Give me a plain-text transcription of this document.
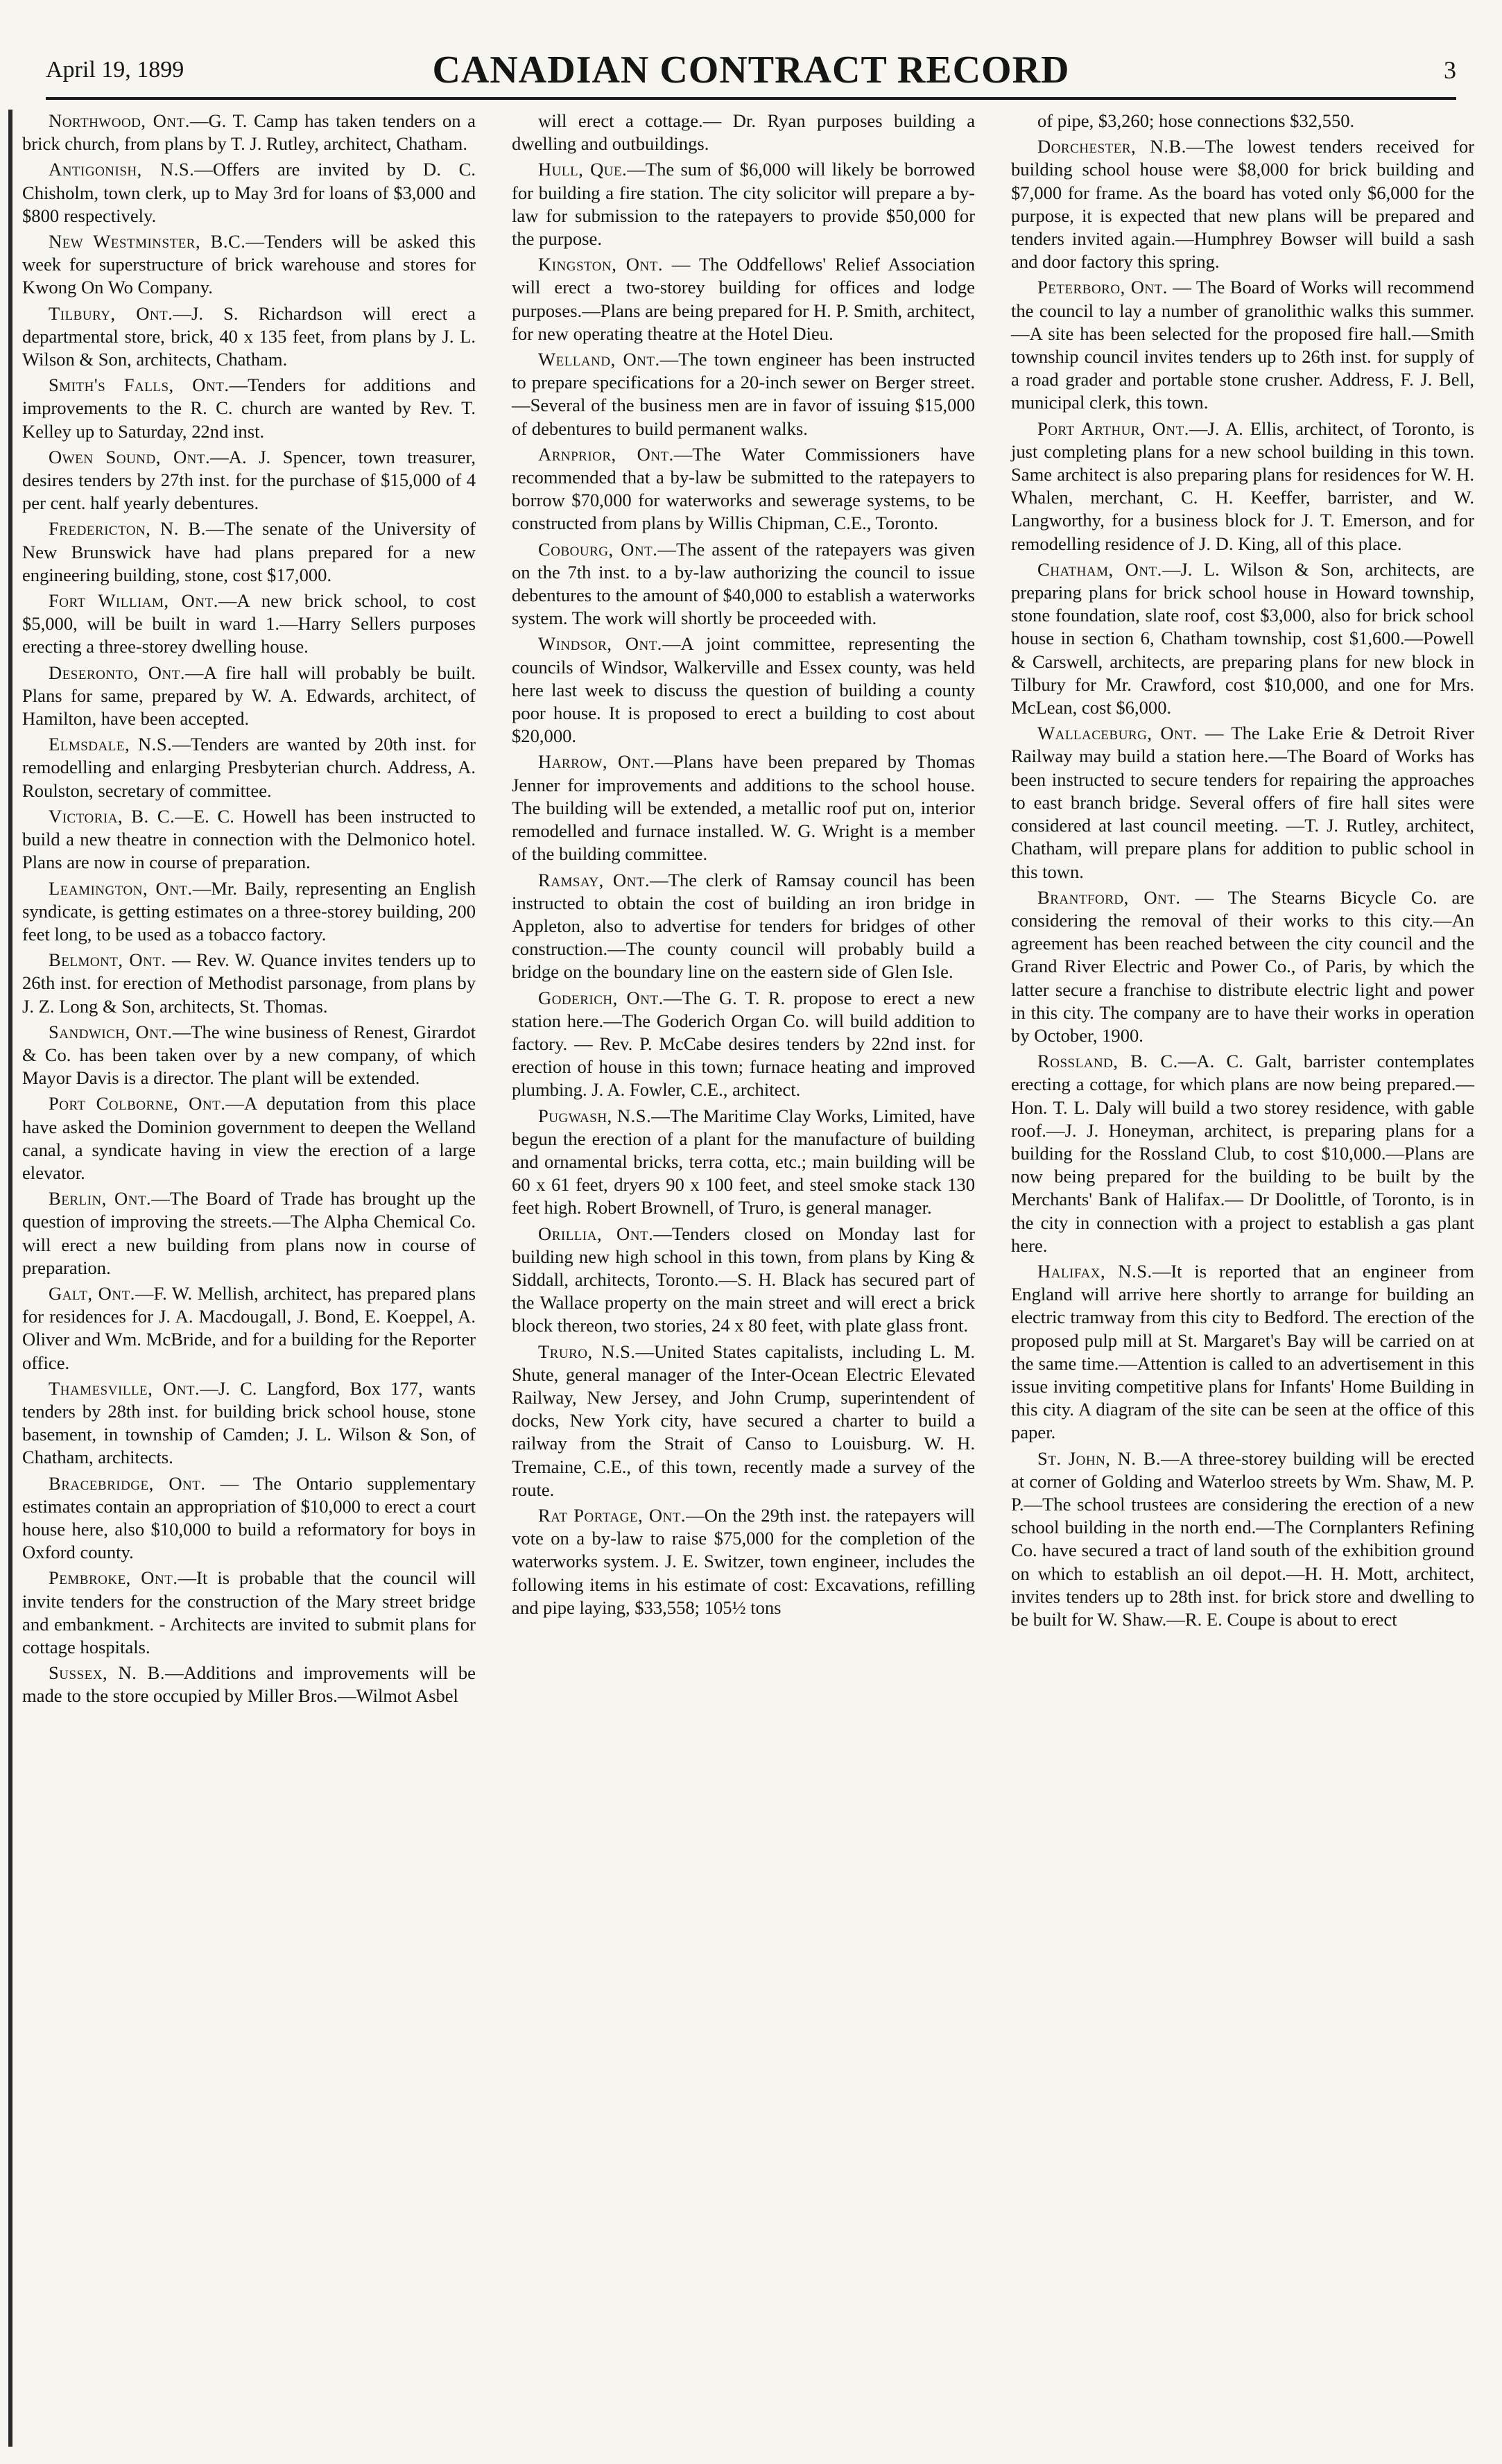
April 19, 1899	CANADIAN CONTRACT RECORD	3

Northwood, Ont.—G. T. Camp has taken tenders on a brick church, from plans by T. J. Rutley, architect, Chatham.

Antigonish, N.S.—Offers are invited by D. C. Chisholm, town clerk, up to May 3rd for loans of $3,000 and $800 respectively.

New Westminster, B.C.—Tenders will be asked this week for superstructure of brick warehouse and stores for Kwong On Wo Company.

Tilbury, Ont.—J. S. Richardson will erect a departmental store, brick, 40 x 135 feet, from plans by J. L. Wilson & Son, architects, Chatham.

Smith's Falls, Ont.—Tenders for additions and improvements to the R. C. church are wanted by Rev. T. Kelley up to Saturday, 22nd inst.

Owen Sound, Ont.—A. J. Spencer, town treasurer, desires tenders by 27th inst. for the purchase of $15,000 of 4 per cent. half yearly debentures.

Fredericton, N. B.—The senate of the University of New Brunswick have had plans prepared for a new engineering building, stone, cost $17,000.

Fort William, Ont.—A new brick school, to cost $5,000, will be built in ward 1.—Harry Sellers purposes erecting a three-storey dwelling house.

Deseronto, Ont.—A fire hall will probably be built. Plans for same, prepared by W. A. Edwards, architect, of Hamilton, have been accepted.

Elmsdale, N.S.—Tenders are wanted by 20th inst. for remodelling and enlarging Presbyterian church. Address, A. Roulston, secretary of committee.

Victoria, B. C.—E. C. Howell has been instructed to build a new theatre in connection with the Delmonico hotel. Plans are now in course of preparation.

Leamington, Ont.—Mr. Baily, representing an English syndicate, is getting estimates on a three-storey building, 200 feet long, to be used as a tobacco factory.

Belmont, Ont. — Rev. W. Quance invites tenders up to 26th inst. for erection of Methodist parsonage, from plans by J. Z. Long & Son, architects, St. Thomas.

Sandwich, Ont.—The wine business of Renest, Girardot & Co. has been taken over by a new company, of which Mayor Davis is a director. The plant will be extended.

Port Colborne, Ont.—A deputation from this place have asked the Dominion government to deepen the Welland canal, a syndicate having in view the erection of a large elevator.

Berlin, Ont.—The Board of Trade has brought up the question of improving the streets.—The Alpha Chemical Co. will erect a new building from plans now in course of preparation.

Galt, Ont.—F. W. Mellish, architect, has prepared plans for residences for J. A. Macdougall, J. Bond, E. Koeppel, A. Oliver and Wm. McBride, and for a building for the Reporter office.

Thamesville, Ont.—J. C. Langford, Box 177, wants tenders by 28th inst. for building brick school house, stone basement, in township of Camden; J. L. Wilson & Son, of Chatham, architects.

Bracebridge, Ont. — The Ontario supplementary estimates contain an appropriation of $10,000 to erect a court house here, also $10,000 to build a reformatory for boys in Oxford county.

Pembroke, Ont.—It is probable that the council will invite tenders for the construction of the Mary street bridge and embankment. - Architects are invited to submit plans for cottage hospitals.

Sussex, N. B.—Additions and improvements will be made to the store occupied by Miller Bros.—Wilmot Asbel

will erect a cottage.— Dr. Ryan purposes building a dwelling and outbuildings.

Hull, Que.—The sum of $6,000 will likely be borrowed for building a fire station. The city solicitor will prepare a by-law for submission to the ratepayers to provide $50,000 for the purpose.

Kingston, Ont. — The Oddfellows' Relief Association will erect a two-storey building for offices and lodge purposes.—Plans are being prepared for H. P. Smith, architect, for new operating theatre at the Hotel Dieu.

Welland, Ont.—The town engineer has been instructed to prepare specifications for a 20-inch sewer on Berger street.—Several of the business men are in favor of issuing $15,000 of debentures to build permanent walks.

Arnprior, Ont.—The Water Commissioners have recommended that a by-law be submitted to the ratepayers to borrow $70,000 for waterworks and sewerage systems, to be constructed from plans by Willis Chipman, C.E., Toronto.

Cobourg, Ont.—The assent of the ratepayers was given on the 7th inst. to a by-law authorizing the council to issue debentures to the amount of $40,000 to establish a waterworks system. The work will shortly be proceeded with.

Windsor, Ont.—A joint committee, representing the councils of Windsor, Walkerville and Essex county, was held here last week to discuss the question of building a county poor house. It is proposed to erect a building to cost about $20,000.

Harrow, Ont.—Plans have been prepared by Thomas Jenner for improvements and additions to the school house. The building will be extended, a metallic roof put on, interior remodelled and furnace installed. W. G. Wright is a member of the building committee.

Ramsay, Ont.—The clerk of Ramsay council has been instructed to obtain the cost of building an iron bridge in Appleton, also to advertise for tenders for bridges of other construction.—The county council will probably build a bridge on the boundary line on the eastern side of Glen Isle.

Goderich, Ont.—The G. T. R. propose to erect a new station here.—The Goderich Organ Co. will build addition to factory. — Rev. P. McCabe desires tenders by 22nd inst. for erection of house in this town; furnace heating and improved plumbing. J. A. Fowler, C.E., architect.

Pugwash, N.S.—The Maritime Clay Works, Limited, have begun the erection of a plant for the manufacture of building and ornamental bricks, terra cotta, etc.; main building will be 60 x 61 feet, dryers 90 x 100 feet, and steel smoke stack 130 feet high. Robert Brownell, of Truro, is general manager.

Orillia, Ont.—Tenders closed on Monday last for building new high school in this town, from plans by King & Siddall, architects, Toronto.—S. H. Black has secured part of the Wallace property on the main street and will erect a brick block thereon, two stories, 24 x 80 feet, with plate glass front.

Truro, N.S.—United States capitalists, including L. M. Shute, general manager of the Inter-Ocean Electric Elevated Railway, New Jersey, and John Crump, superintendent of docks, New York city, have secured a charter to build a railway from the Strait of Canso to Louisburg. W. H. Tremaine, C.E., of this town, recently made a survey of the route.

Rat Portage, Ont.—On the 29th inst. the ratepayers will vote on a by-law to raise $75,000 for the completion of the waterworks system. J. E. Switzer, town engineer, includes the following items in his estimate of cost: Excavations, refilling and pipe laying, $33,558; 105½ tons

of pipe, $3,260; hose connections $32,550.

Dorchester, N.B.—The lowest tenders received for building school house were $8,000 for brick building and $7,000 for frame. As the board has voted only $6,000 for the purpose, it is expected that new plans will be prepared and tenders invited again.—Humphrey Bowser will build a sash and door factory this spring.

Peterboro, Ont. — The Board of Works will recommend the council to lay a number of granolithic walks this summer.—A site has been selected for the proposed fire hall.—Smith township council invites tenders up to 26th inst. for supply of a road grader and portable stone crusher. Address, F. J. Bell, municipal clerk, this town.

Port Arthur, Ont.—J. A. Ellis, architect, of Toronto, is just completing plans for a new school building in this town. Same architect is also preparing plans for residences for W. H. Whalen, merchant, C. H. Keeffer, barrister, and W. Langworthy, for a business block for J. T. Emerson, and for remodelling residence of J. D. King, all of this place.

Chatham, Ont.—J. L. Wilson & Son, architects, are preparing plans for brick school house in Howard township, stone foundation, slate roof, cost $3,000, also for brick school house in section 6, Chatham township, cost $1,600.—Powell & Carswell, architects, are preparing plans for new block in Tilbury for Mr. Crawford, cost $10,000, and one for Mrs. McLean, cost $6,000.

Wallaceburg, Ont. — The Lake Erie & Detroit River Railway may build a station here.—The Board of Works has been instructed to secure tenders for repairing the approaches to east branch bridge. Several offers of fire hall sites were considered at last council meeting. —T. J. Rutley, architect, Chatham, will prepare plans for addition to public school in this town.

Brantford, Ont. — The Stearns Bicycle Co. are considering the removal of their works to this city.—An agreement has been reached between the city council and the Grand River Electric and Power Co., of Paris, by which the latter secure a franchise to distribute electric light and power in this city. The company are to have their works in operation by October, 1900.

Rossland, B. C.—A. C. Galt, barrister contemplates erecting a cottage, for which plans are now being prepared.—Hon. T. L. Daly will build a two storey residence, with gable roof.—J. J. Honeyman, architect, is preparing plans for a building for the Rossland Club, to cost $10,000.—Plans are now being prepared for the building to be built by the Merchants' Bank of Halifax.— Dr Doolittle, of Toronto, is in the city in connection with a project to establish a gas plant here.

Halifax, N.S.—It is reported that an engineer from England will arrive here shortly to arrange for building an electric tramway from this city to Bedford. The erection of the proposed pulp mill at St. Margaret's Bay will be carried on at the same time.—Attention is called to an advertisement in this issue inviting competitive plans for Infants' Home Building in this city. A diagram of the site can be seen at the office of this paper.

St. John, N. B.—A three-storey building will be erected at corner of Golding and Waterloo streets by Wm. Shaw, M. P. P.—The school trustees are considering the erection of a new school building in the north end.—The Cornplanters Refining Co. have secured a tract of land south of the exhibition ground on which to establish an oil depot.—H. H. Mott, architect, invites tenders up to 28th inst. for brick store and dwelling to be built for W. Shaw.—R. E. Coupe is about to erect
